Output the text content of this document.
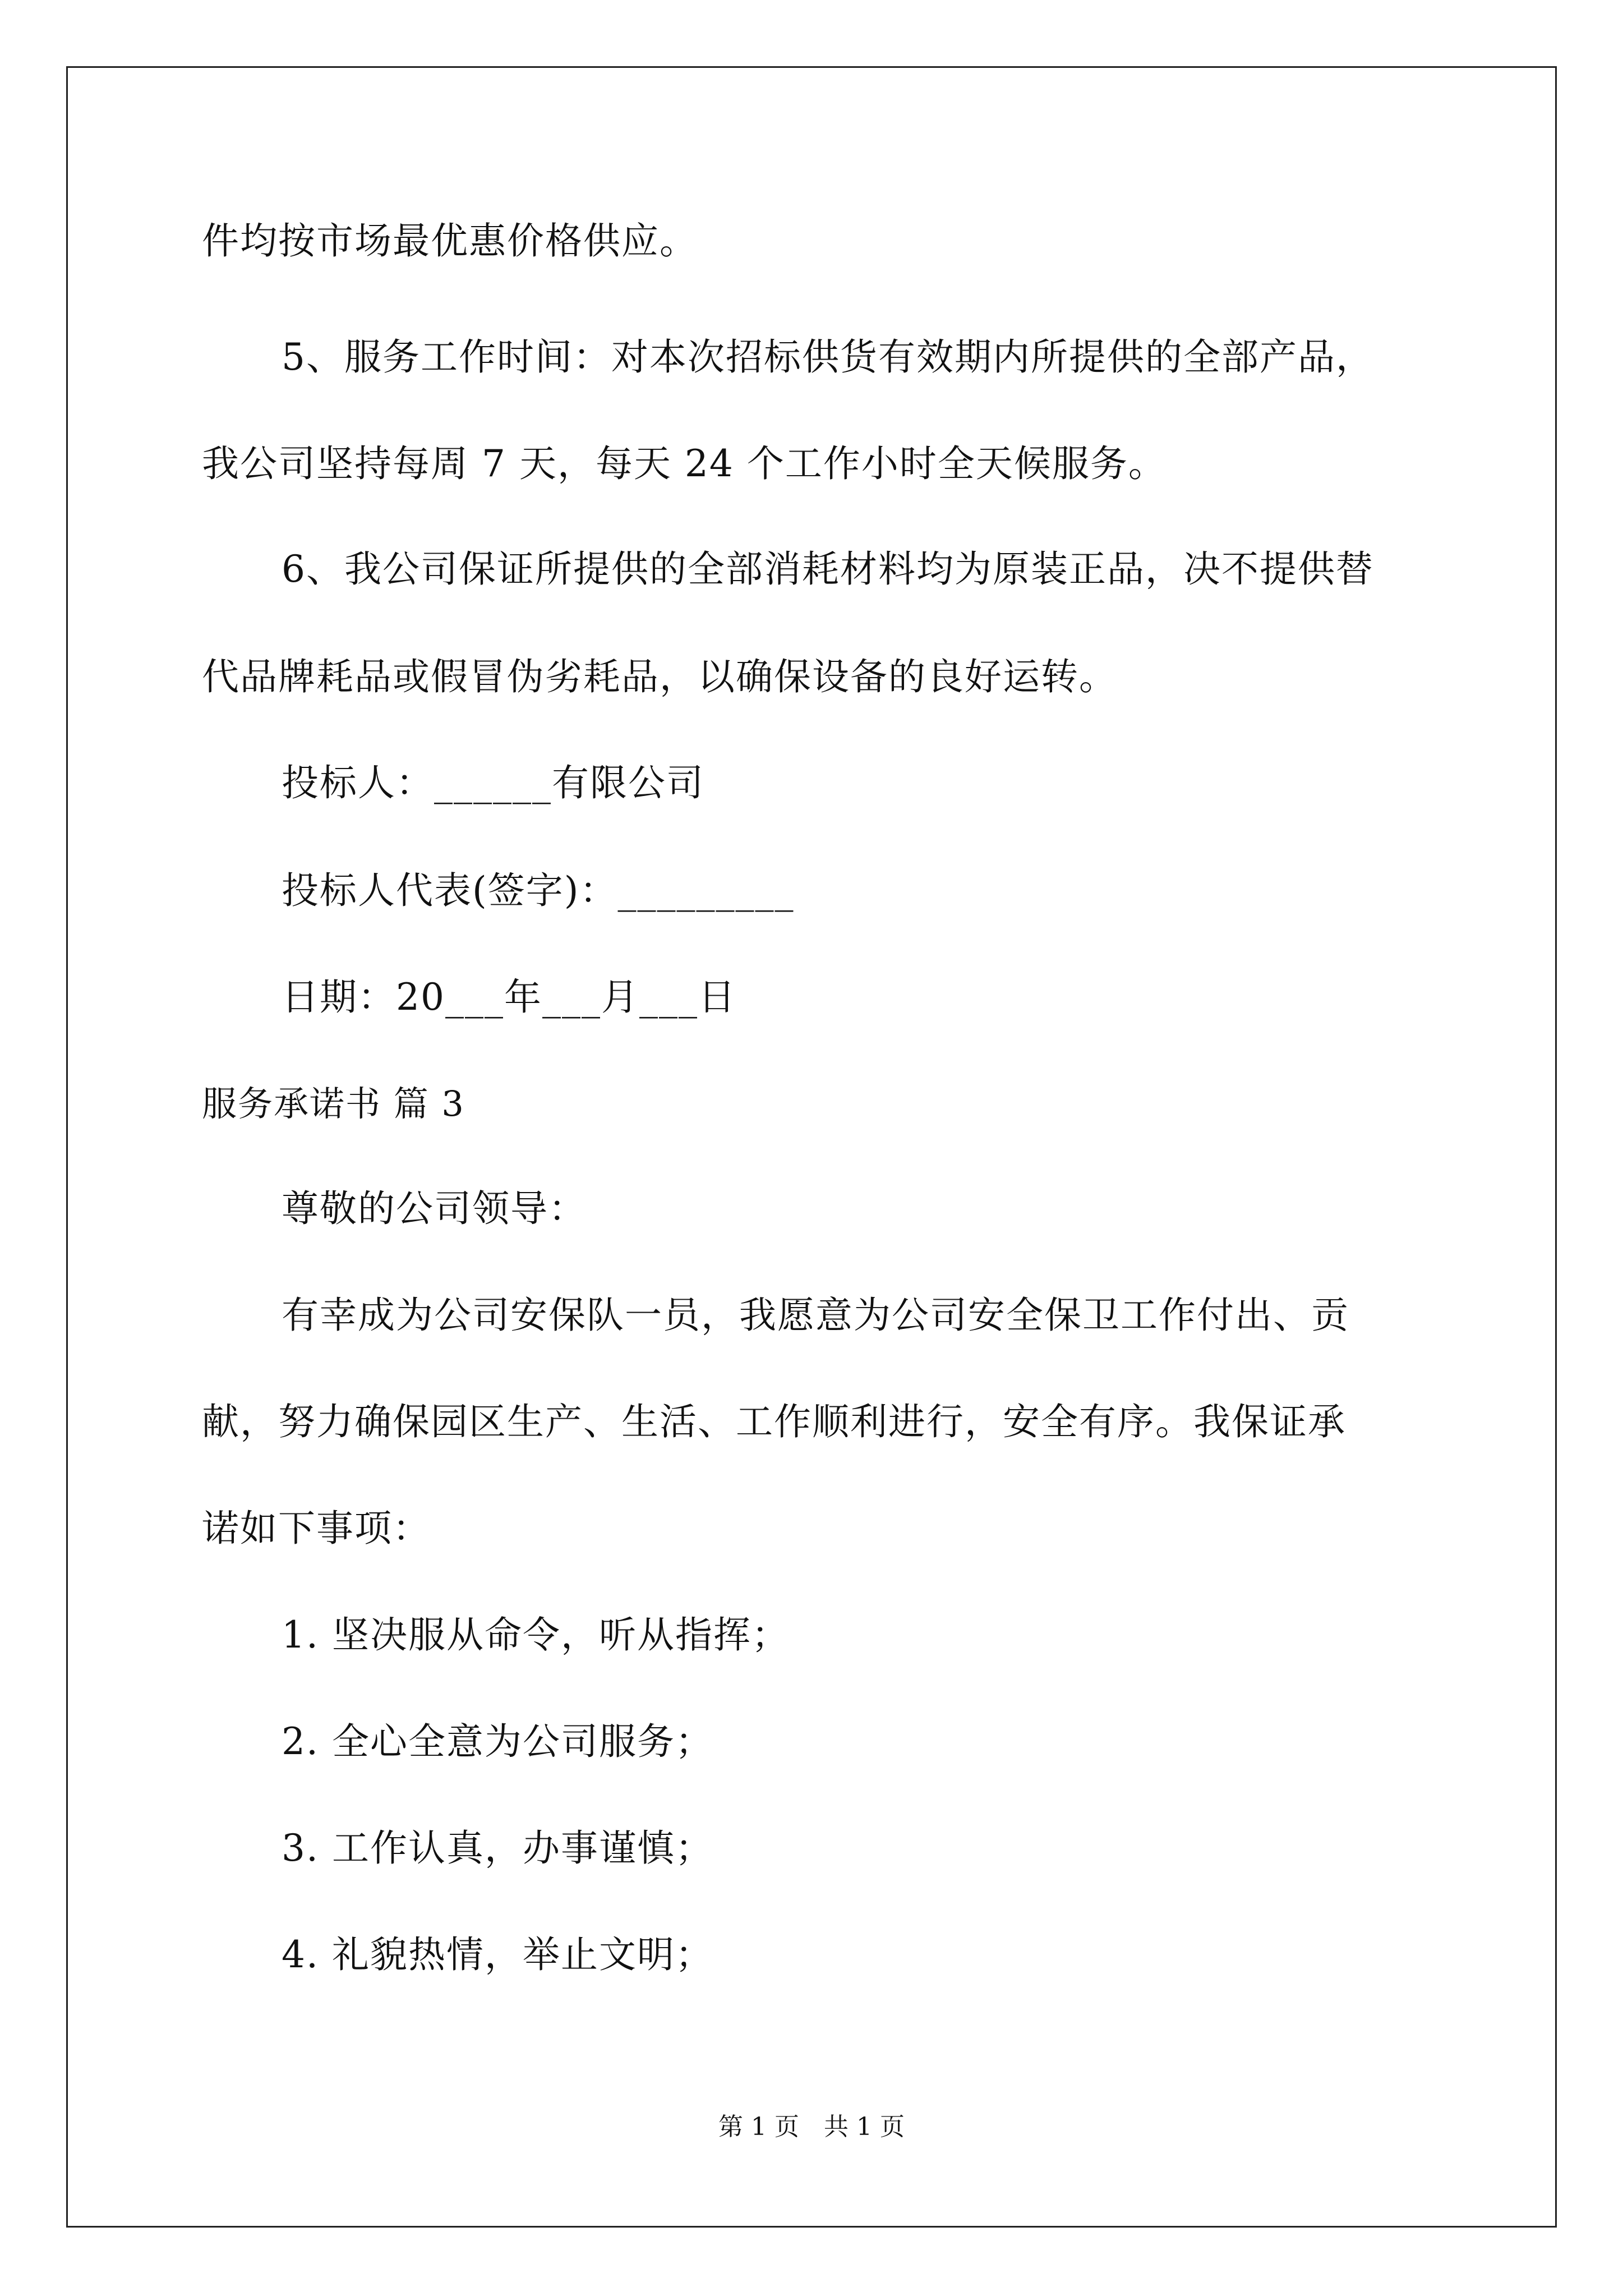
件均按市场最优惠价格供应。
5、服务工作时间：对本次招标供货有效期内所提供的全部产品，
我公司坚持每周 7 天，每天 24 个工作小时全天候服务。
6、我公司保证所提供的全部消耗材料均为原装正品，决不提供替
代品牌耗品或假冒伪劣耗品，以确保设备的良好运转。
投标人：______有限公司
投标人代表(签字)：_________
日期：20___年___月___日
服务承诺书 篇 3
尊敬的公司领导：
有幸成为公司安保队一员，我愿意为公司安全保卫工作付出、贡
献，努力确保园区生产、生活、工作顺利进行，安全有序。我保证承
诺如下事项：
1. 坚决服从命令，听从指挥；
2. 全心全意为公司服务；
3. 工作认真，办事谨慎；
4. 礼貌热情，举止文明；
第 1 页　共 1 页
